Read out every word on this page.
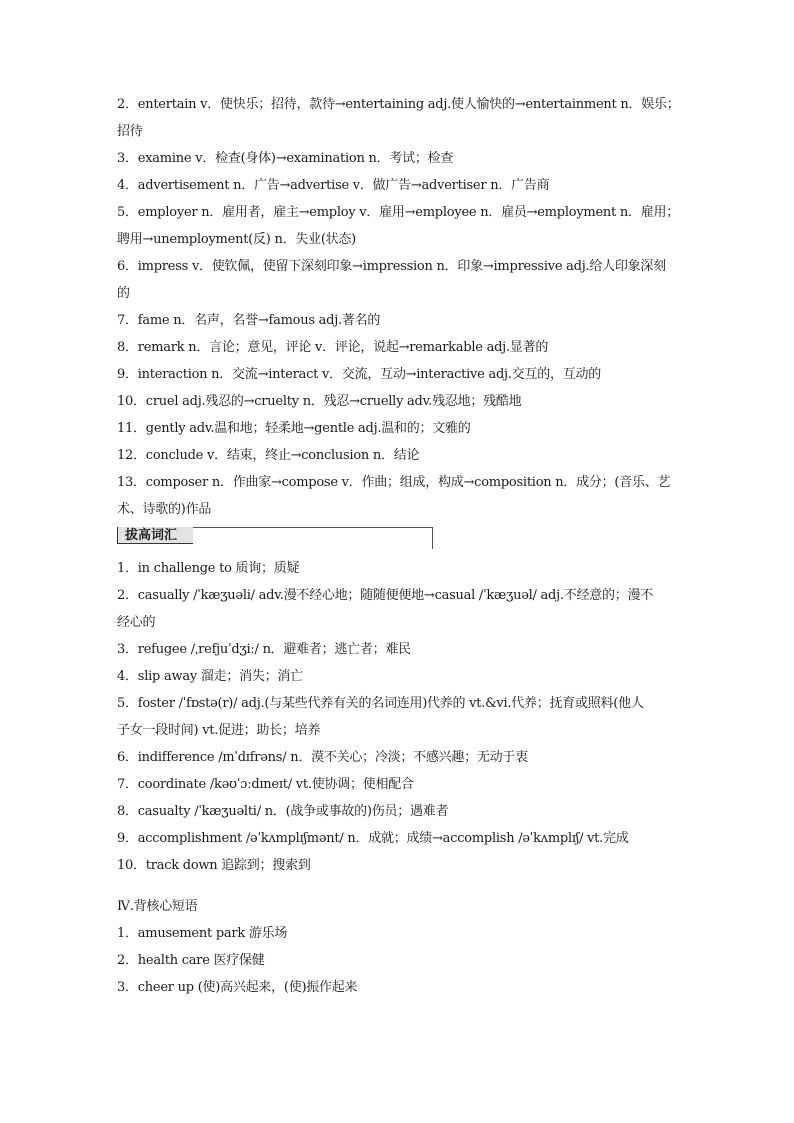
2．entertain v．使快乐；招待，款待→entertaining adj.使人愉快的→entertainment n．娱乐；
招待
3．examine v．检查(身体)→examination n．考试；检查
4．advertisement n．广告→advertise v．做广告→advertiser n．广告商
5．employer n．雇用者，雇主→employ v．雇用→employee n．雇员→employment n．雇用；
聘用→unemployment(反) n．失业(状态)
6．impress v．使钦佩，使留下深刻印象→impression n．印象→impressive adj.给人印象深刻
的
7．fame n．名声，名誉→famous adj.著名的
8．remark n．言论；意见，评论 v．评论，说起→remarkable adj.显著的
9．interaction n．交流→interact v．交流，互动→interactive adj.交互的，互动的
10．cruel adj.残忍的→cruelty n．残忍→cruelly adv.残忍地；残酷地
11．gently adv.温和地；轻柔地→gentle adj.温和的；文雅的
12．conclude v．结束，终止→conclusion n．结论
13．composer n．作曲家→compose v．作曲；组成，构成→composition n．成分；(音乐、艺
术、诗歌的)作品
拔高词汇
1．in challenge to 质询；质疑
2．casually /ˈkæʒuəli/ adv.漫不经心地；随随便便地→casual /ˈkæʒuəl/ adj.不经意的；漫不
经心的
3．refugee /ˌrefjuˈdʒiː/ n．避难者；逃亡者；难民
4．slip away 溜走；消失；消亡
5．foster /ˈfɒstə(r)/ adj.(与某些代养有关的名词连用)代养的 vt.&vi.代养；抚育或照料(他人
子女一段时间) vt.促进；助长；培养
6．indifference /ɪnˈdɪfrəns/ n．漠不关心；冷淡；不感兴趣；无动于衷
7．coordinate /kəʊˈɔːdɪneɪt/ vt.使协调；使相配合
8．casualty /ˈkæʒuəlti/ n．(战争或事故的)伤员；遇难者
9．accomplishment /əˈkʌmplɪʃmənt/ n．成就；成绩→accomplish /əˈkʌmplɪʃ/ vt.完成
10．track down 追踪到；搜索到
Ⅳ.背核心短语
1．amusement park 游乐场
2．health care 医疗保健
3．cheer up (使)高兴起来，(使)振作起来
